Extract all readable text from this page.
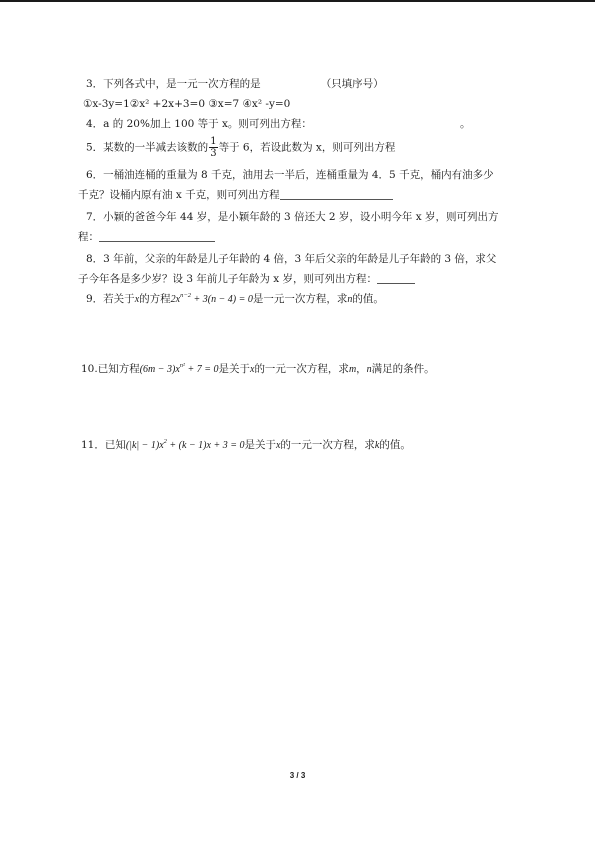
3．下列各式中，是一元一次方程的是	（只填序号）

①x-3y=1②x² +2x+3=0 ③x=7 ④x² -y=0

4．a 的 20%加上 100 等于 x。则可列出方程：	。

5．某数的一半减去该数的 $\frac{1}{3}$ 等于 6，若设此数为 x，则可列出方程

6．一桶油连桶的重量为 8 千克，油用去一半后，连桶重量为 4．5 千克，桶内有油多少

千克？设桶内原有油 x 千克，则可列出方程

7．小颖的爸爸今年 44 岁，是小颖年龄的 3 倍还大 2 岁，设小明今年 x 岁，则可列出方

程：

8．3 年前，父亲的年龄是儿子年龄的 4 倍，3 年后父亲的年龄是儿子年龄的 3 倍，求父

子今年各是多少岁？设 3 年前儿子年龄为 x 岁，则可列出方程：

9．若关于x的方程$2x^{n-2} + 3(n - 4) = 0$是一元一次方程，求n的值。

10.已知方程$(6m - 3)x^{n^2} + 7 = 0$是关于x的一元一次方程，求m，n满足的条件。

11．已知$(|k| - 1)x^2 + (k - 1)x + 3 = 0$是关于x的一元一次方程，求k的值。

3 / 3
